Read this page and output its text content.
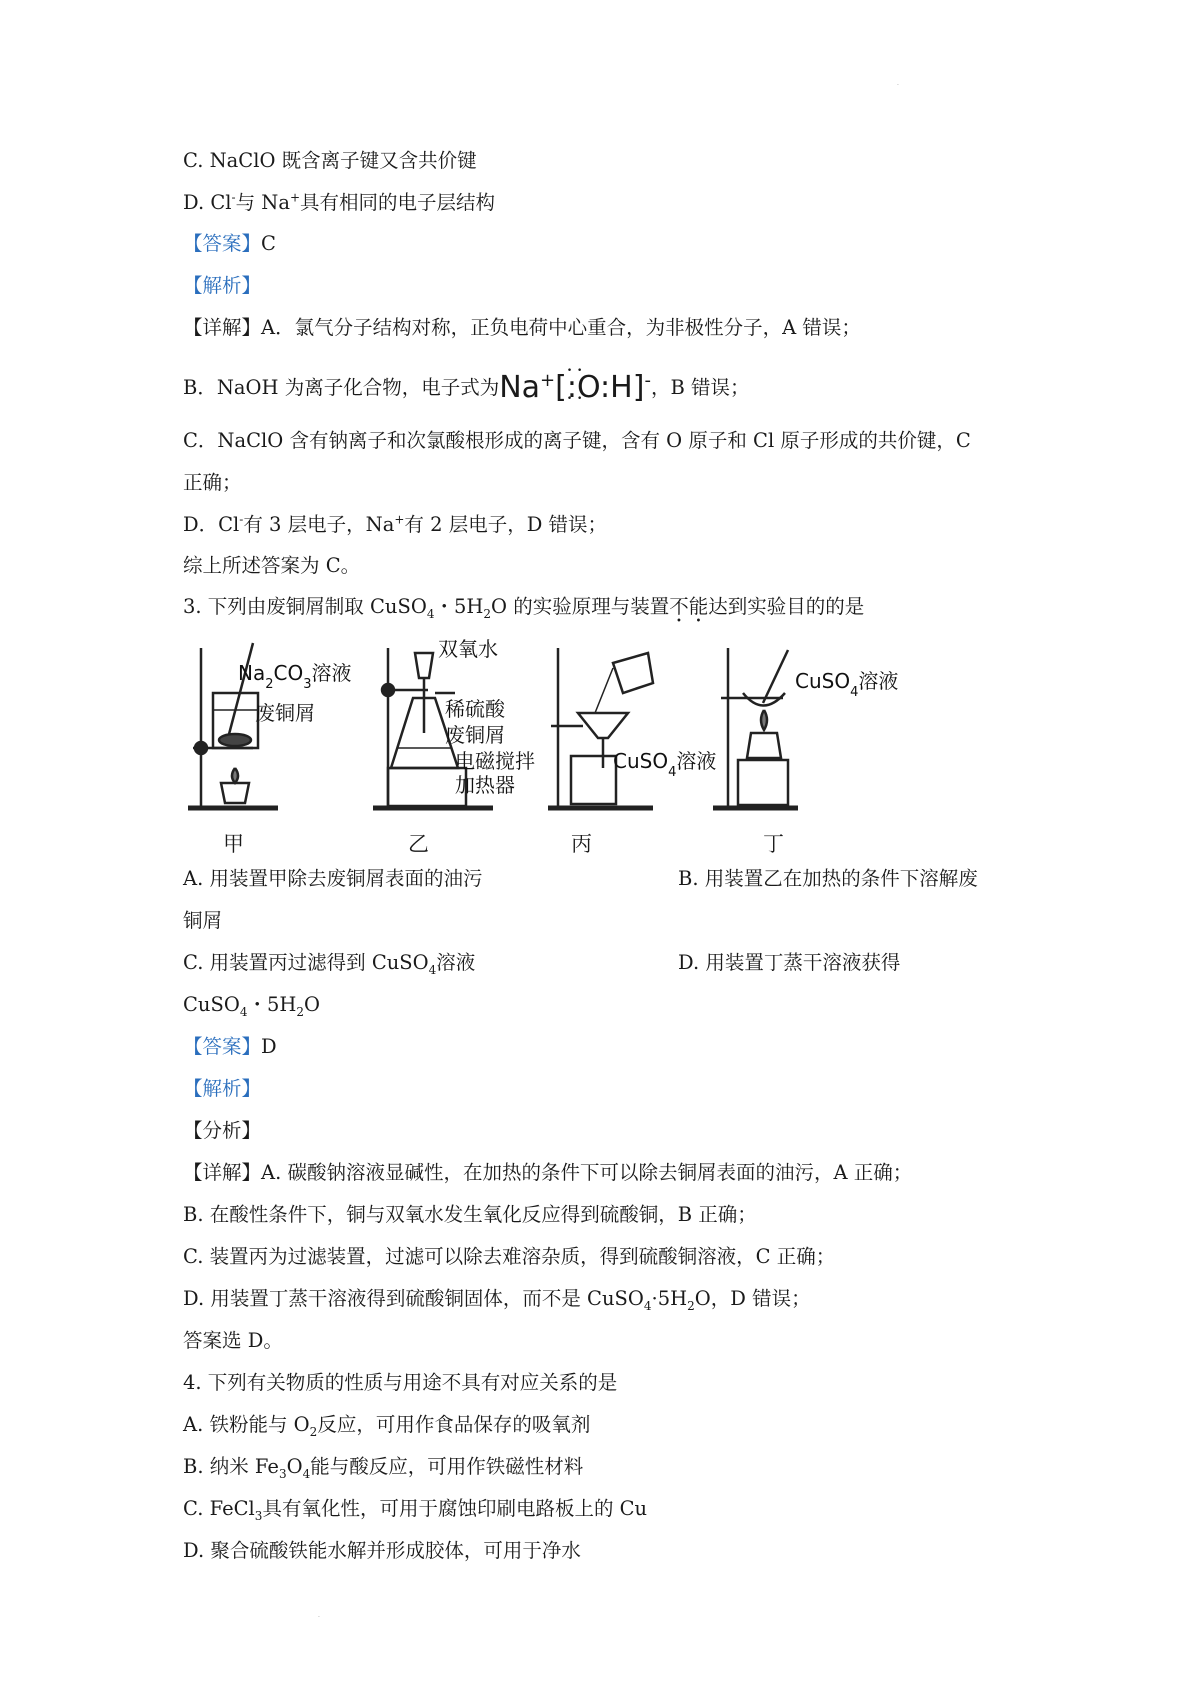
.
C. NaClO 既含离子键又含共价键
D. Cl-与 Na+具有相同的电子层结构
【答案】C
【解析】
【详解】A．氯气分子结构对称，正负电荷中心重合，为非极性分子，A 错误；
B．NaOH 为离子化合物，电子式为Na+[• • :O: • •H]-，B 错误；
C．NaClO 含有钠离子和次氯酸根形成的离子键，含有 O 原子和 Cl 原子形成的共价键，C
正确；
D．Cl-有 3 层电子，Na+有 2 层电子，D 错误；
综上所述答案为 C。
3. 下列由废铜屑制取 CuSO$_4$・$5H_2O$ 的实验原理与装置不能达到实验目的的是
$Na_2CO_3$溶液
废铜屑
双氧水
稀硫酸
废铜屑
电磁搅拌
加热器
CuSO$_4$溶液
CuSO$_4$溶液
甲	乙	丙	丁
A. 用装置甲除去废铜屑表面的油污	B. 用装置乙在加热的条件下溶解废
铜屑
C. 用装置丙过滤得到 CuSO$_4$溶液	D. 用装置丁蒸干溶液获得
CuSO$_4$・$5H_2O$
【答案】D
【解析】
【分析】
【详解】A. 碳酸钠溶液显碱性，在加热的条件下可以除去铜屑表面的油污，A 正确；
B. 在酸性条件下，铜与双氧水发生氧化反应得到硫酸铜，B 正确；
C. 装置丙为过滤装置，过滤可以除去难溶杂质，得到硫酸铜溶液，C 正确；
D. 用装置丁蒸干溶液得到硫酸铜固体，而不是 $CuSO_4\cdot 5H_2O$，D 错误；
答案选 D。
4. 下列有关物质的性质与用途不具有对应关系的是
A. 铁粉能与 $O_2$反应，可用作食品保存的吸氧剂
B. 纳米 $Fe_3O_4$能与酸反应，可用作铁磁性材料
C. FeCl$_3$具有氧化性，可用于腐蚀印刷电路板上的 Cu
D. 聚合硫酸铁能水解并形成胶体，可用于净水
.
